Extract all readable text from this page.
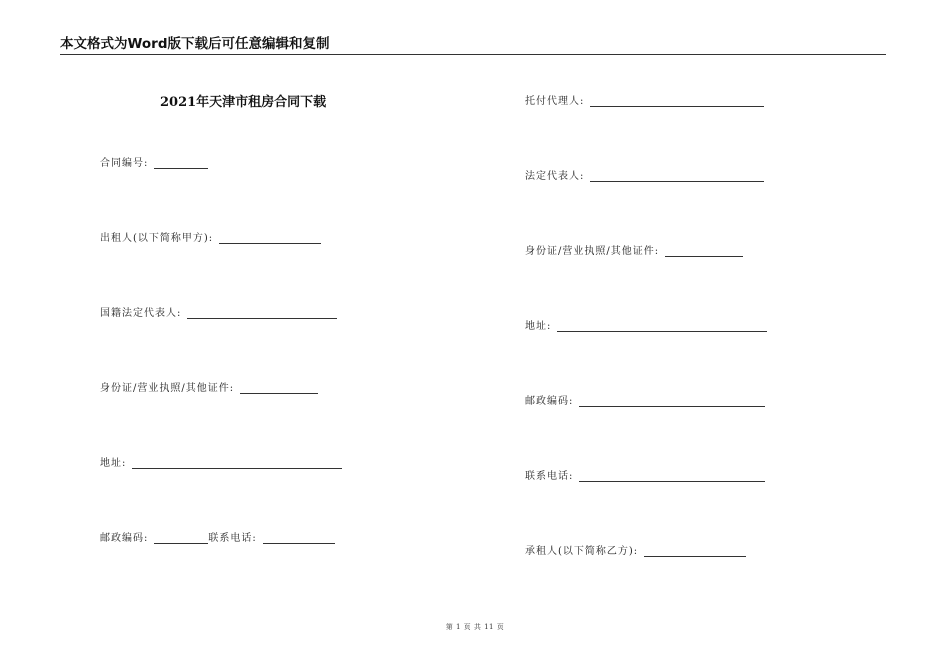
本文格式为Word版下载后可任意编辑和复制
2021年天津市租房合同下载
合同编号:
出租人(以下简称甲方):
国籍法定代表人:
身份证/营业执照/其他证件:
地址:
邮政编码:	联系电话:
托付代理人:
法定代表人:
身份证/营业执照/其他证件:
地址:
邮政编码:
联系电话:
承租人(以下简称乙方):
第 1 页 共 11 页
